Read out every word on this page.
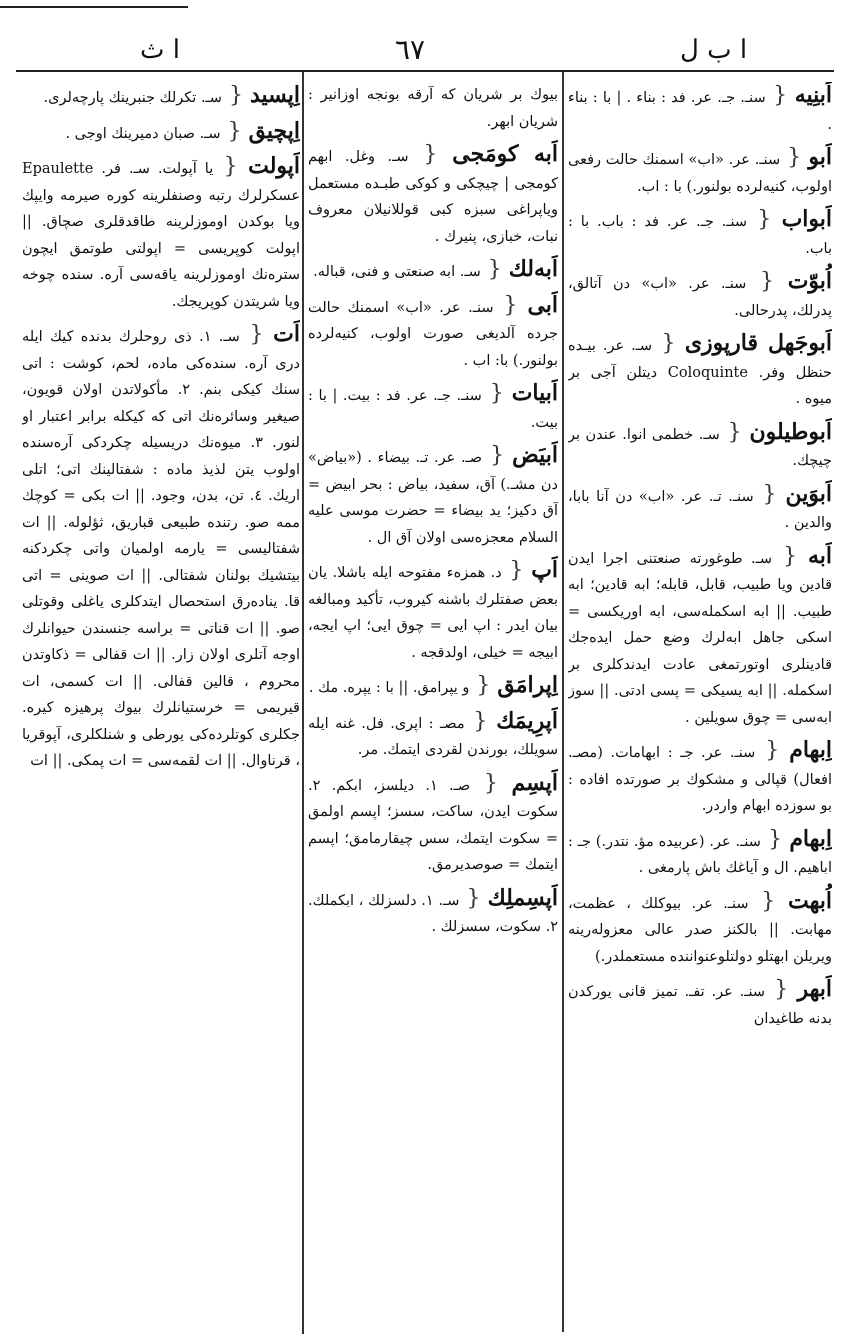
ا ث	٦٧	ا ب ل

اَبنِيه { سنـ. جـ. عر. فد : بناء . | با : بناء .

اَبو { سنـ. عر. «اب» اسمنك حالت رفعی اولوب، کنیه‌لرده بولنور.) با : اب.

اَبواب { سنـ. جـ. عر. فد : باب. با : باب.

اُبوّت { سنـ. عر. «اب» دن آتالق، پدرلك، پدرحالی.

اَبوجَهل قارپوزی { سـ. عر. بیـده حنظل وفر. Coloquinte دیتلن آجی بر میوه .

اَبوطیلون { سـ. خطمی انوا. عندن بر چیچك.

اَبوَین { سنـ. تـ. عر. «اب» دن آنا بابا، والدین .

اَبه { سـ. طوغورته صنعتنی اجرا ایدن قادین ویا طبیب، قابل، قابله؛ ابه قادین؛ ابه طبیب. || ابه اسکمله‌سی، ابه اوریکسی = اسکی جاهل ابه‌لرك وضع حمل ایدەجك قادینلری اوتورتمغی عادت ایدندکلری بر اسکمله. || ابه یسیکی = پسی ادتی. || سوز ابه‌سی = چوق سویلین .

اِبهام { سنـ. عر. جـ : ابهامات. (مصـ. افعال) قپالی و مشکوك بر صورتده افاده : بو سوزده ابهام واردر.

اِبهام { سنـ. عر. (عربیده مؤ. نتدر.) جـ : اباهیم. ال و آیاغك باش پارمغی .

اُبهت { سنـ. عر. بیوکلك ، عظمت، مهابت. || بالکنز صدر عالی معزولەرینە ویریلن ابهتلو دولتلوعنواننده مستعملدر.)

اَبهر { سنـ. عر. تفـ. تمیز قانی یورکدن بدنه طاغیدان

بیوك بر شریان که آرقه بونجه اوزانیر : شریان ابهر.

اَبه کومَجی { سـ. وغل. ابهم کومجی | چیچکی و کوکی طبـده مستعمل ویاپراغی سبزه کبی قوللانیلان معروف نبات، خبازی، پنیرك .

اَبه‌لك { سـ. ابه صنعتی و فنی، قباله.

اَبی { سنـ. عر. «اب» اسمنك حالت جرده آلدیغی صورت اولوب، کنیه‌لرده بولنور.) با: اب .

اَبیات { سنـ. جـ. عر. فد : بیت. | با : بیت.

اَبیَض { صـ. عر. تـ. بیضاء . («بیاض» دن مشـ.) آق، سفید، بیاض : بحر ابیض = آق دکیز؛ ید بیضاء = حضرت موسی علیه السلام معجزه‌سی اولان آق ال .

اَپ { د. همزه‌ء مفتوحه ایله باشلا. یان بعض صفتلرك باشنه کیروب، تأکید ومبالغه بیان ایدر : اپ ایی = چوق ایی؛ اپ ایجه، ابیجه = خیلی، اولدقجه .

اِپرامَق { و یپرامق. || با : یپره. مك .

اَپرِیمَك { مصـ : اپری. فل. غنه ایله سویلك، بورندن لقردی ایتمك. مر.

اَپسِم { صـ. ۱. دیلسز، ابکم. ۲. سکوت ایدن، ساکت، سسز؛ اپسم اولمق = سکوت ایتمك، سس چیقارمامق؛ اپسم ایتمك = صوصدیرمق.

اَپسِملِك { سـ. ۱. دلسزلك ، ابکملك. ۲. سکوت، سسزلك .

اِپسید { سـ. تکرلك جنبرینك پارچه‌لری.

اِپچیق { سـ. صبان دمیرینك اوجی .

اَپولت { یا آپولت. سـ. فر. Epaulette عسکرلرك رتبه وصنفلرینه کوره صیرمه وایپك ویا بوکدن اوموزلرینه طاقدقلری صچاق. || اپولت کوپریسی = اپولتی طوتمق ایچون سترەنك اوموزلرینه ياقه‌سی آره. سنده چوخه ویا شریتدن کوپریجك.

اَت { سـ. ۱. ذی روحلرك بدنده کیك ایله دری آره. سنده‌کی ماده، لحم، کوشت : اتی سنك کیکی بنم. ۲. مأکولاتدن اولان قویون، صیغیر وسائره‌نك اتی که کیکله برابر اعتبار او لنور. ۳. میوه‌نك دریسیله چکردکی آره‌سنده اولوب یتن لذیذ ماده : شفتالینك اتی؛ اتلی اریك. ٤. تن، بدن، وجود. || ات بکی = کوچك ممه صو. رتنده طبیعی قباریق، ثؤلوله. || ات شفتالیسی = یارمه اولمیان واتی چکردکنه بیتشیك بولنان شفتالی. || ات صوینی = اتی قا. ینادەرق استحصال ایتدکلری یاغلی وقوتلی صو. || ات قناتی = براسه جنسندن حیوانلرك اوجه آتلری اولان زار. || ات قفالی = ذکاوتدن محروم ، قالین قفالی. || ات کسمی، ات قیریمی = خرستیانلرك بیوك پرهیزه کیره. جکلری کوتلرده‌کی یورطی و شنلکلری، آپوقریا ، قرناوال. || ات لقمه‌سی = ات پمکی. || ات
